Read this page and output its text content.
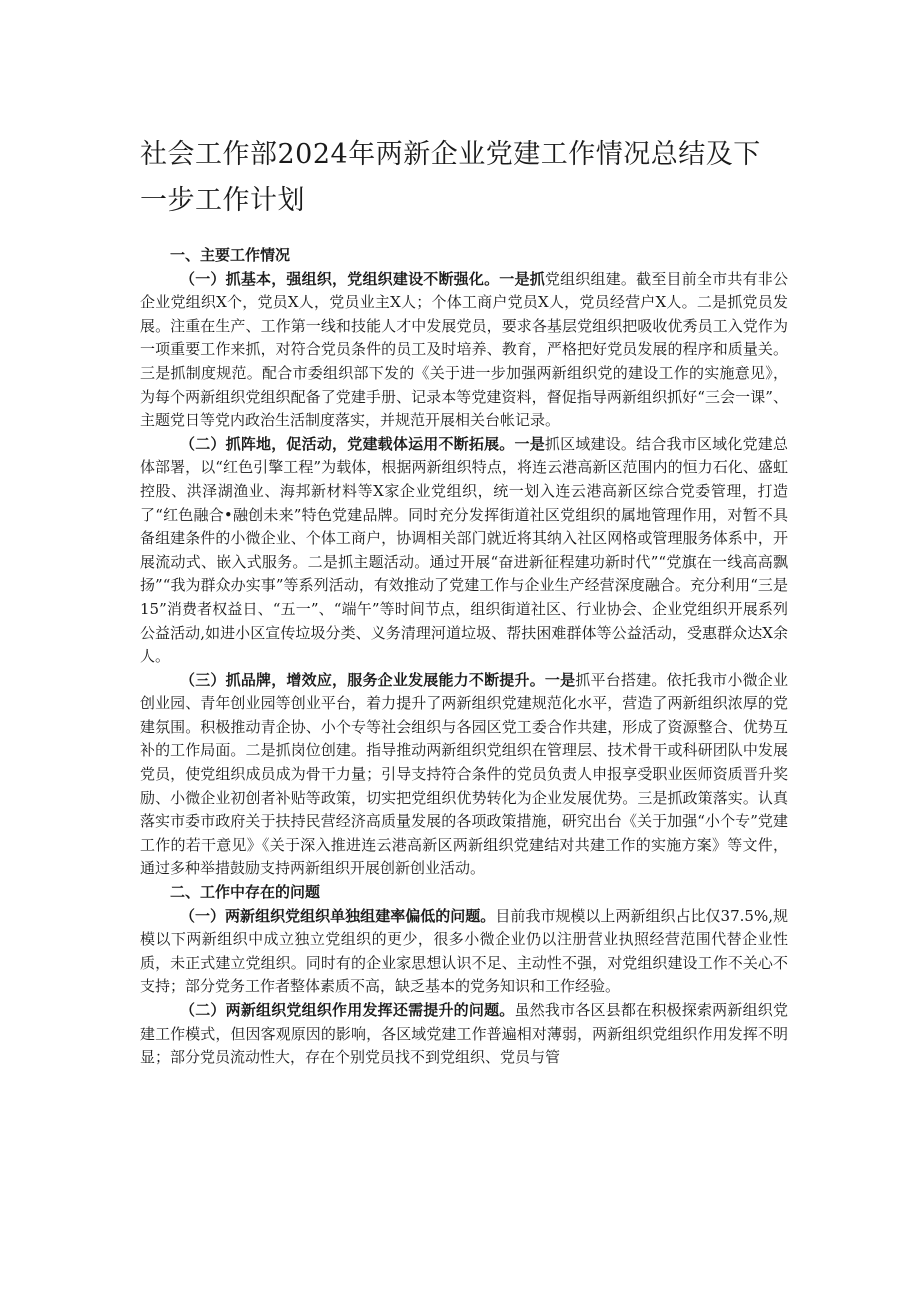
社会工作部2024年两新企业党建工作情况总结及下一步工作计划

一、主要工作情况

（一）抓基本，强组织，党组织建设不断强化。一是抓党组织组建。截至目前全市共有非公企业党组织X个，党员X人，党员业主X人；个体工商户党员X人，党员经营户X人。二是抓党员发展。注重在生产、工作第一线和技能人才中发展党员，要求各基层党组织把吸收优秀员工入党作为一项重要工作来抓，对符合党员条件的员工及时培养、教育，严格把好党员发展的程序和质量关。三是抓制度规范。配合市委组织部下发的《关于进一步加强两新组织党的建设工作的实施意见》，为每个两新组织党组织配备了党建手册、记录本等党建资料，督促指导两新组织抓好“三会一课”、主题党日等党内政治生活制度落实，并规范开展相关台帐记录。

（二）抓阵地，促活动，党建载体运用不断拓展。一是抓区域建设。结合我市区域化党建总体部署，以“红色引擎工程”为载体，根据两新组织特点，将连云港高新区范围内的恒力石化、盛虹控股、洪泽湖渔业、海邦新材料等X家企业党组织，统一划入连云港高新区综合党委管理，打造了“红色融合•融创未来”特色党建品牌。同时充分发挥街道社区党组织的属地管理作用，对暂不具备组建条件的小微企业、个体工商户，协调相关部门就近将其纳入社区网格或管理服务体系中，开展流动式、嵌入式服务。二是抓主题活动。通过开展“奋进新征程建功新时代”“党旗在一线高高飘扬”“我为群众办实事”等系列活动，有效推动了党建工作与企业生产经营深度融合。充分利用“三是15”消费者权益日、“五一”、“端午”等时间节点，组织街道社区、行业协会、企业党组织开展系列公益活动,如进小区宣传垃圾分类、义务清理河道垃圾、帮扶困难群体等公益活动，受惠群众达X余人。

（三）抓品牌，增效应，服务企业发展能力不断提升。一是抓平台搭建。依托我市小微企业创业园、青年创业园等创业平台，着力提升了两新组织党建规范化水平，营造了两新组织浓厚的党建氛围。积极推动青企协、小个专等社会组织与各园区党工委合作共建，形成了资源整合、优势互补的工作局面。二是抓岗位创建。指导推动两新组织党组织在管理层、技术骨干或科研团队中发展党员，使党组织成员成为骨干力量；引导支持符合条件的党员负责人申报享受职业医师资质晋升奖励、小微企业初创者补贴等政策，切实把党组织优势转化为企业发展优势。三是抓政策落实。认真落实市委市政府关于扶持民营经济高质量发展的各项政策措施，研究出台《关于加强“小个专”党建工作的若干意见》《关于深入推进连云港高新区两新组织党建结对共建工作的实施方案》等文件，通过多种举措鼓励支持两新组织开展创新创业活动。

二、工作中存在的问题

（一）两新组织党组织单独组建率偏低的问题。目前我市规模以上两新组织占比仅37.5%,规模以下两新组织中成立独立党组织的更少，很多小微企业仍以注册营业执照经营范围代替企业性质，未正式建立党组织。同时有的企业家思想认识不足、主动性不强，对党组织建设工作不关心不支持；部分党务工作者整体素质不高，缺乏基本的党务知识和工作经验。

（二）两新组织党组织作用发挥还需提升的问题。虽然我市各区县都在积极探索两新组织党建工作模式，但因客观原因的影响，各区域党建工作普遍相对薄弱，两新组织党组织作用发挥不明显；部分党员流动性大，存在个别党员找不到党组织、党员与管
